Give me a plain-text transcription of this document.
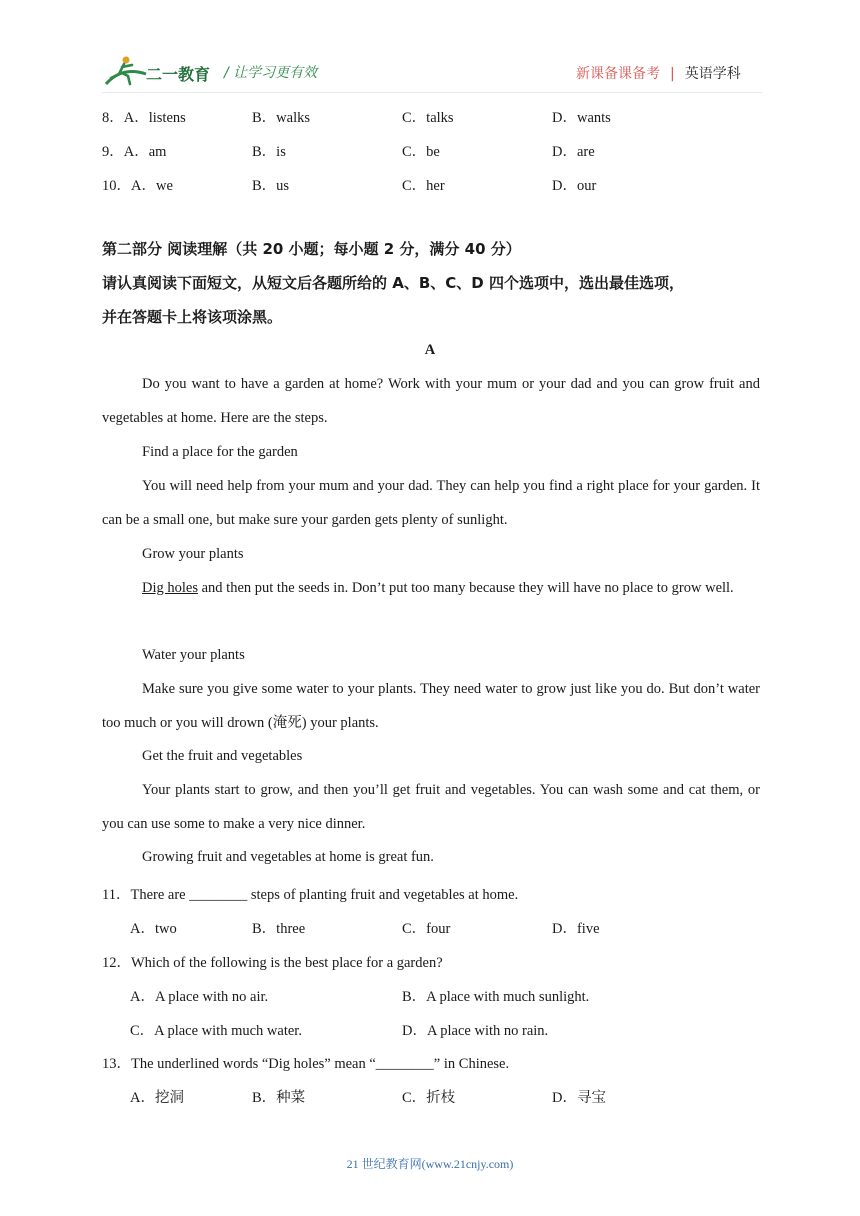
二一教育 / 让学习更有效	新课备课备考 | 英语学科
8．A．listens	B．walks	C．talks	D．wants
9．A．am	B．is	C．be	D．are
10．A．we	B．us	C．her	D．our
第二部分 阅读理解（共 20 小题；每小题 2 分，满分 40 分）
请认真阅读下面短文，从短文后各题所给的 A、B、C、D 四个选项中，选出最佳选项，
并在答题卡上将该项涂黑。
A
Do you want to have a garden at home? Work with your mum or your dad and you can grow fruit and vegetables at home. Here are the steps.
Find a place for the garden
You will need help from your mum and your dad. They can help you find a right place for your garden. It can be a small one, but make sure your garden gets plenty of sunlight.
Grow your plants
Dig holes and then put the seeds in. Don’t put too many because they will have no place to grow well.
Water your plants
Make sure you give some water to your plants. They need water to grow just like you do. But don’t water too much or you will drown (淹死) your plants.
Get the fruit and vegetables
Your plants start to grow, and then you’ll get fruit and vegetables. You can wash some and cat them, or you can use some to make a very nice dinner.
Growing fruit and vegetables at home is great fun.
11．There are ________ steps of planting fruit and vegetables at home.
A．two	B．three	C．four	D．five
12．Which of the following is the best place for a garden?
A．A place with no air.	B．A place with much sunlight.
C．A place with much water.	D．A place with no rain.
13．The underlined words “Dig holes” mean “________” in Chinese.
A．挖洞	B．种菜	C．折枝	D．寻宝
21 世纪教育网(www.21cnjy.com)
